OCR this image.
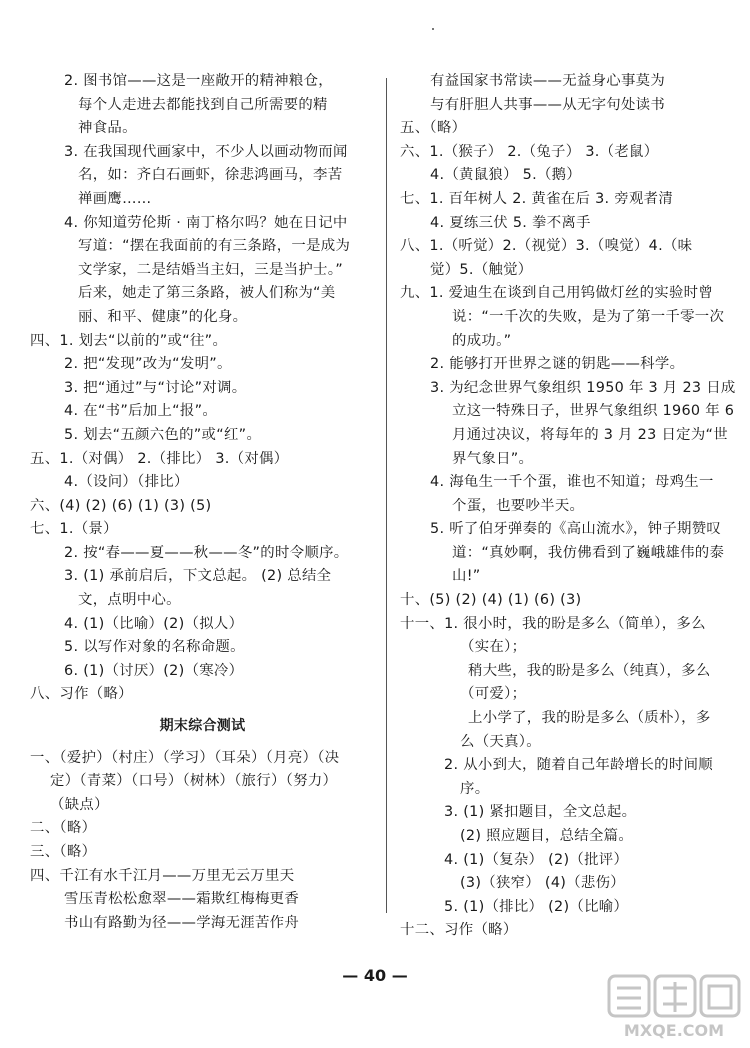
2. 图书馆——这是一座敞开的精神粮仓，
每个人走进去都能找到自己所需要的精
神食品。
3. 在我国现代画家中，不少人以画动物而闻
名，如：齐白石画虾，徐悲鸿画马，李苦
禅画鹰……
4. 你知道劳伦斯 · 南丁格尔吗？她在日记中
写道：“摆在我面前的有三条路，一是成为
文学家，二是结婚当主妇，三是当护士。”
后来，她走了第三条路，被人们称为“美
丽、和平、健康”的化身。
四、1. 划去“以前的”或“往”。
2. 把“发现”改为“发明”。
3. 把“通过”与“讨论”对调。
4. 在“书”后加上“报”。
5. 划去“五颜六色的”或“红”。
五、1.（对偶） 2.（排比） 3.（对偶）
4.（设问）（排比）
六、(4) (2) (6) (1) (3) (5)
七、1.（景）
2. 按“春——夏——秋——冬”的时令顺序。
3. (1) 承前启后，下文总起。 (2) 总结全
文，点明中心。
4. (1)（比喻）(2)（拟人）
5. 以写作对象的名称命题。
6. (1)（讨厌）(2)（寒冷）
八、习作（略）
期末综合测试
一、（爱护）（村庄）（学习）（耳朵）（月亮）（决
定）（青菜）（口号）（树林）（旅行）（努力）
（缺点）
二、（略）
三、（略）
四、千江有水千江月——万里无云万里天
雪压青松松愈翠——霜欺红梅梅更香
书山有路勤为径——学海无涯苦作舟
有益国家书常读——无益身心事莫为
与有肝胆人共事——从无字句处读书
五、（略）
六、1.（猴子） 2.（兔子） 3.（老鼠）
4.（黄鼠狼） 5.（鹅）
七、1. 百年树人 2. 黄雀在后 3. 旁观者清
4. 夏练三伏 5. 拳不离手
八、1.（听觉）2.（视觉）3.（嗅觉）4.（味
觉）5.（触觉）
九、1. 爱迪生在谈到自己用钨做灯丝的实验时曾
说：“一千次的失败，是为了第一千零一次
的成功。”
2. 能够打开世界之谜的钥匙——科学。
3. 为纪念世界气象组织 1950 年 3 月 23 日成
立这一特殊日子，世界气象组织 1960 年 6
月通过决议，将每年的 3 月 23 日定为“世
界气象日”。
4. 海龟生一千个蛋，谁也不知道；母鸡生一
个蛋，也要吵半天。
5. 听了伯牙弹奏的《高山流水》，钟子期赞叹
道：“真妙啊，我仿佛看到了巍峨雄伟的泰
山!”
十、(5) (2) (4) (1) (6) (3)
十一、1. 很小时，我的盼是多么（简单），多么
（实在）；
稍大些，我的盼是多么（纯真），多么
（可爱）；
上小学了，我的盼是多么（质朴），多
么（天真）。
2. 从小到大，随着自己年龄增长的时间顺
序。
3. (1) 紧扣题目，全文总起。
(2) 照应题目，总结全篇。
4. (1)（复杂） (2)（批评）
(3)（狭窄） (4)（悲伤）
5. (1)（排比） (2)（比喻）
十二、习作（略）
— 40 —
MXQE.COM
